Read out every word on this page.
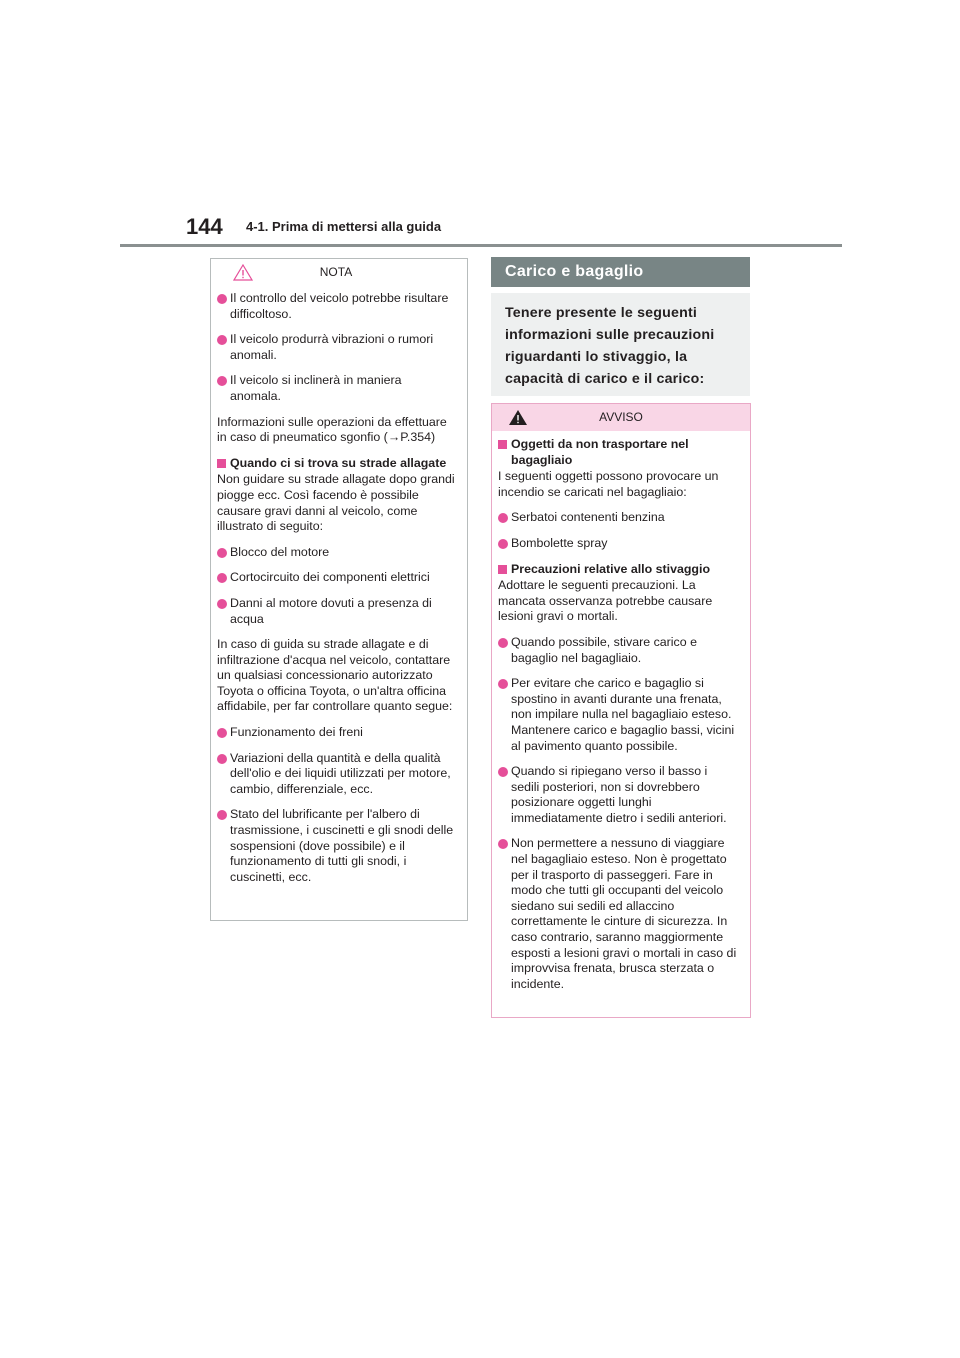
144 4-1. Prima di mettersi alla guida
NOTA
Il controllo del veicolo potrebbe risultare difficoltoso.
Il veicolo produrrà vibrazioni o rumori anomali.
Il veicolo si inclinerà in maniera anomala.
Informazioni sulle operazioni da effettuare in caso di pneumatico sgonfio (→P.354)
Quando ci si trova su strade allagate
Non guidare su strade allagate dopo grandi piogge ecc. Così facendo è possibile causare gravi danni al veicolo, come illustrato di seguito:
Blocco del motore
Cortocircuito dei componenti elettrici
Danni al motore dovuti a presenza di acqua
In caso di guida su strade allagate e di infiltrazione d'acqua nel veicolo, contattare un qualsiasi concessionario autorizzato Toyota o officina Toyota, o un'altra officina affidabile, per far controllare quanto segue:
Funzionamento dei freni
Variazioni della quantità e della qualità dell'olio e dei liquidi utilizzati per motore, cambio, differenziale, ecc.
Stato del lubrificante per l'albero di trasmissione, i cuscinetti e gli snodi delle sospensioni (dove possibile) e il funzionamento di tutti gli snodi, i cuscinetti, ecc.
Carico e bagaglio
Tenere presente le seguenti informazioni sulle precauzioni riguardanti lo stivaggio, la capacità di carico e il carico:
AVVISO
Oggetti da non trasportare nel bagagliaio
I seguenti oggetti possono provocare un incendio se caricati nel bagagliaio:
Serbatoi contenenti benzina
Bombolette spray
Precauzioni relative allo stivaggio
Adottare le seguenti precauzioni. La mancata osservanza potrebbe causare lesioni gravi o mortali.
Quando possibile, stivare carico e bagaglio nel bagagliaio.
Per evitare che carico e bagaglio si spostino in avanti durante una frenata, non impilare nulla nel bagagliaio esteso. Mantenere carico e bagaglio bassi, vicini al pavimento quanto possibile.
Quando si ripiegano verso il basso i sedili posteriori, non si dovrebbero posizionare oggetti lunghi immediatamente dietro i sedili anteriori.
Non permettere a nessuno di viaggiare nel bagagliaio esteso. Non è progettato per il trasporto di passeggeri. Fare in modo che tutti gli occupanti del veicolo siedano sui sedili ed allaccino correttamente le cinture di sicurezza. In caso contrario, saranno maggiormente esposti a lesioni gravi o mortali in caso di improvvisa frenata, brusca sterzata o incidente.
